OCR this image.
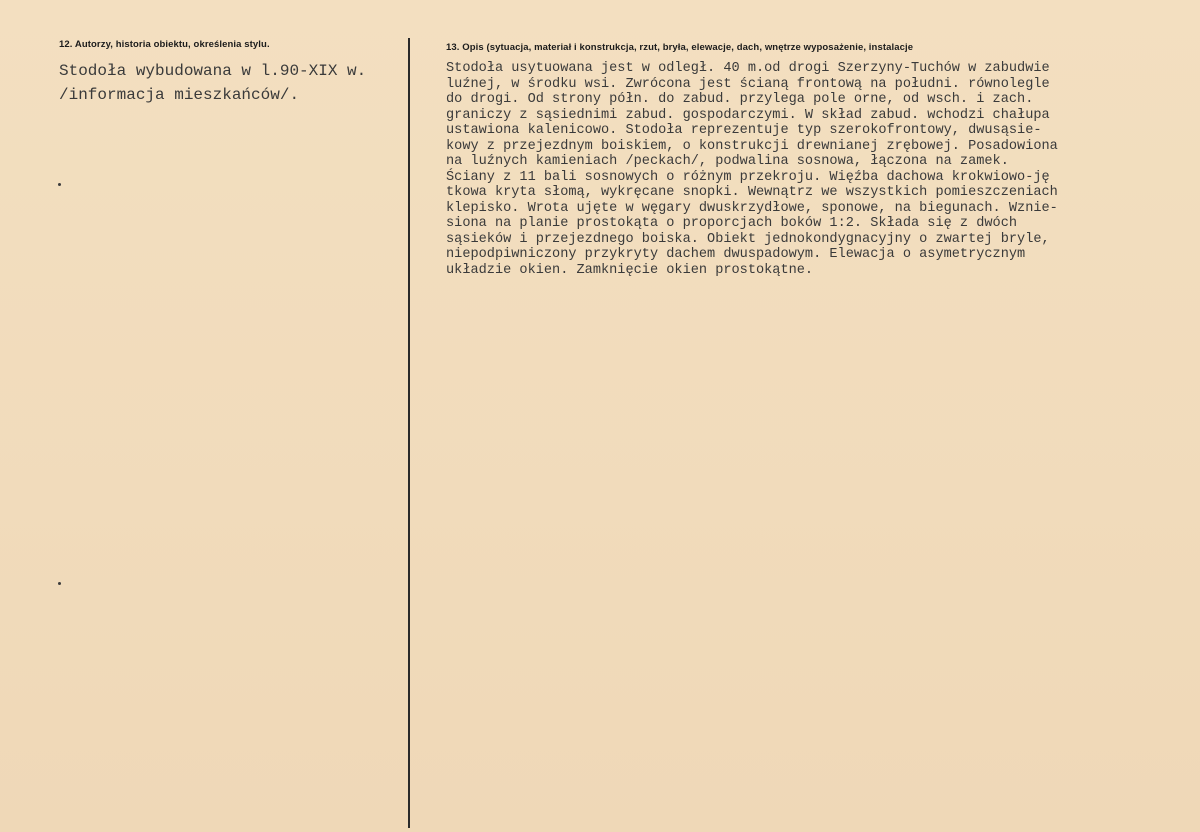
12. Autorzy, historia obiektu, określenia stylu.
Stodoła wybudowana w l.90-XIX w.
/informacja mieszkańców/.
13. Opis (sytuacja, materiał i konstrukcja, rzut, bryła, elewacje, dach, wnętrze wyposażenie, instalacje
Stodoła usytuowana jest w odległ. 40 m.od drogi Szerzyny-Tuchów w zabudwie
luźnej, w środku wsi. Zwrócona jest ścianą frontową na południ. równolegle
do drogi. Od strony półn. do zabud. przylega pole orne, od wsch. i zach.
graniczy z sąsiednimi zabud. gospodarczymi. W skład zabud. wchodzi chałupa
ustawiona kalenicowo. Stodoła reprezentuje typ szerokofrontowy, dwusąsie-
kowy z przejezdnym boiskiem, o konstrukcji drewnianej zrębowej. Posadowiona
na luźnych kamieniach /peckach/, podwalina sosnowa, łączona na zamek.
Ściany z 11 bali sosnowych o różnym przekroju. Więźba dachowa krokwiowo-ję
tkowa kryta słomą, wykręcane snopki. Wewnątrz we wszystkich pomieszczeniach
klepisko. Wrota ujęte w węgary dwuskrzydłowe, sponowe, na biegunach. Wznie-
siona na planie prostokąta o proporcjach boków 1:2. Składa się z dwóch
sąsieków i przejezdnego boiska. Obiekt jednokondygnacyjny o zwartej bryle,
niepodpiwniczony przykryty dachem dwuspadowym. Elewacja o asymetrycznym
układzie okien. Zamknięcie okien prostokątne.
